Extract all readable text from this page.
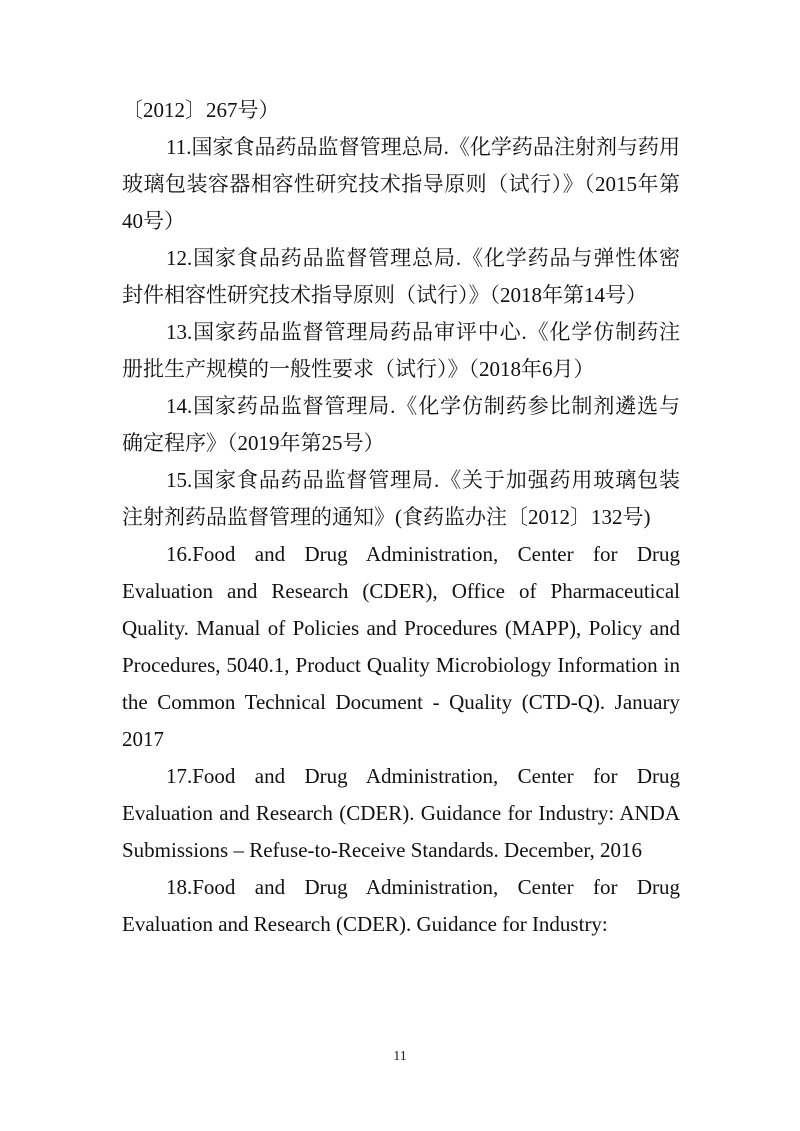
〔2012〕267号）

11.国家食品药品监督管理总局.《化学药品注射剂与药用玻璃包装容器相容性研究技术指导原则（试行）》（2015年第40号）

12.国家食品药品监督管理总局.《化学药品与弹性体密封件相容性研究技术指导原则（试行）》（2018年第14号）

13.国家药品监督管理局药品审评中心.《化学仿制药注册批生产规模的一般性要求（试行）》（2018年6月）

14.国家药品监督管理局.《化学仿制药参比制剂遴选与确定程序》（2019年第25号）

15.国家食品药品监督管理局.《关于加强药用玻璃包装注射剂药品监督管理的通知》(食药监办注〔2012〕132号)

16.Food and Drug Administration, Center for Drug Evaluation and Research (CDER), Office of Pharmaceutical Quality. Manual of Policies and Procedures (MAPP), Policy and Procedures, 5040.1, Product Quality Microbiology Information in the Common Technical Document - Quality (CTD-Q). January 2017

17.Food and Drug Administration, Center for Drug Evaluation and Research (CDER). Guidance for Industry: ANDA Submissions – Refuse-to-Receive Standards. December, 2016

18.Food and Drug Administration, Center for Drug Evaluation and Research (CDER). Guidance for Industry:

11
